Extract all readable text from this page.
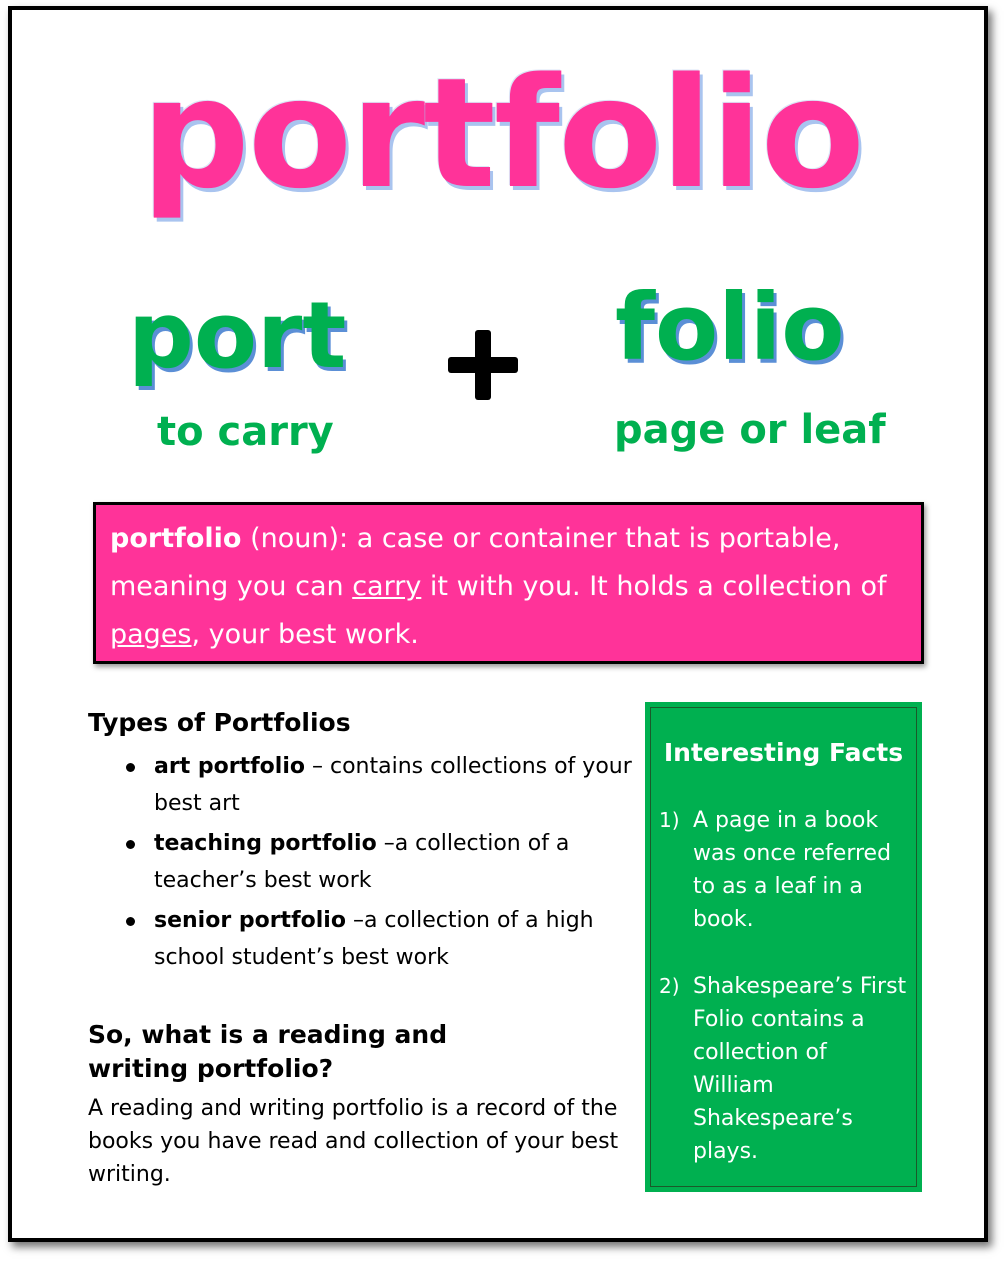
portfolio
port	folio
to carry	page or leaf
portfolio (noun): a case or container that is portable, meaning you can carry it with you. It holds a collection of pages, your best work.
Types of Portfolios
art portfolio – contains collections of your best art
teaching portfolio –a collection of a teacher’s best work
senior portfolio –a collection of a high school student’s best work
So, what is a reading and writing portfolio?
A reading and writing portfolio is a record of the books you have read and collection of your best writing.
Interesting Facts
1) A page in a book was once referred to as a leaf in a book.
2) Shakespeare’s First Folio contains a collection of William Shakespeare’s plays.
